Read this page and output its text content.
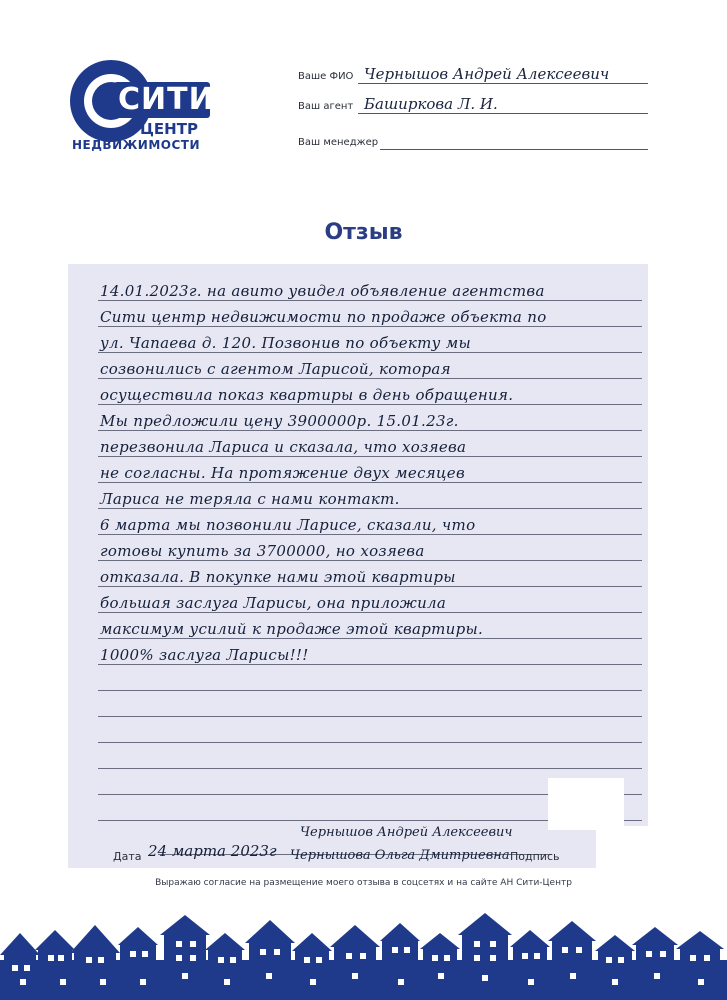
СИТИ
ЦЕНТР
НЕДВИЖИМОСТИ
Ваше ФИО Чернышов Андрей Алексеевич
Ваш агент Баширкова Л. И.
Ваш менеджер
Отзыв
14.01.2023г. на авито увидел объявление агентства
Сити центр недвижимости по продаже объекта по
ул. Чапаева д. 120. Позвонив по объекту мы
созвонились с агентом Ларисой, которая
осуществила показ квартиры в день обращения.
Мы предложили цену 3900000р. 15.01.23г.
перезвонила Лариса и сказала, что хозяева
не согласны. На протяжение двух месяцев
Лариса не теряла с нами контакт.
6 марта мы позвонили Ларисе, сказали, что
готовы купить за 3700000, но хозяева
отказала. В покупке нами этой квартиры
большая заслуга Ларисы, она приложила
максимум усилий к продаже этой квартиры.
1000% заслуга Ларисы!!!
Дата 24 марта 2023г
Чернышов Андрей Алексеевич
Чернышова Ольга Дмитриевна Подпись
Выражаю согласие на размещение моего отзыва в соцсетях и на сайте АН Сити-Центр
